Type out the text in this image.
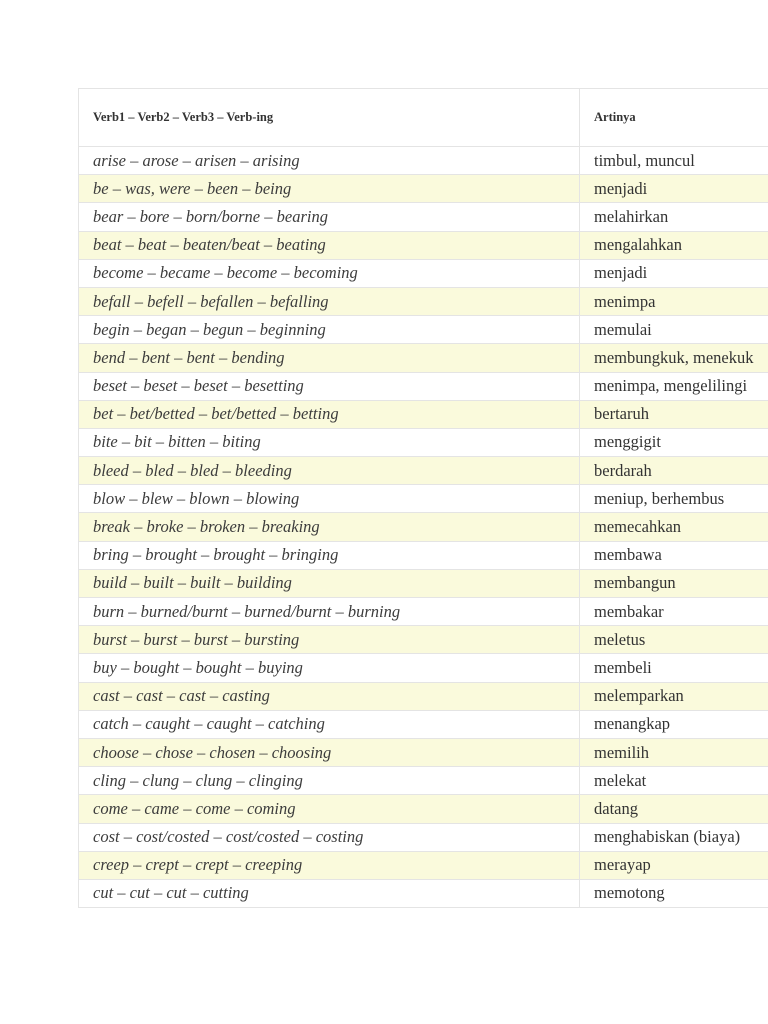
Verb1 – Verb2 – Verb3 – Verb-ing	Artinya
arise – arose – arisen – arising	timbul, muncul
be – was, were – been – being	menjadi
bear – bore – born/borne – bearing	melahirkan
beat – beat – beaten/beat – beating	mengalahkan
become – became – become – becoming	menjadi
befall – befell – befallen – befalling	menimpa
begin – began – begun – beginning	memulai
bend – bent – bent – bending	membungkuk, menekuk
beset – beset – beset – besetting	menimpa, mengelilingi
bet – bet/betted – bet/betted – betting	bertaruh
bite – bit – bitten – biting	menggigit
bleed – bled – bled – bleeding	berdarah
blow – blew – blown – blowing	meniup, berhembus
break – broke – broken – breaking	memecahkan
bring – brought – brought – bringing	membawa
build – built – built – building	membangun
burn – burned/burnt – burned/burnt – burning	membakar
burst – burst – burst – bursting	meletus
buy – bought – bought – buying	membeli
cast – cast – cast – casting	melemparkan
catch – caught – caught – catching	menangkap
choose – chose – chosen – choosing	memilih
cling – clung – clung – clinging	melekat
come – came – come – coming	datang
cost – cost/costed – cost/costed – costing	menghabiskan (biaya)
creep – crept – crept – creeping	merayap
cut – cut – cut – cutting	memotong
